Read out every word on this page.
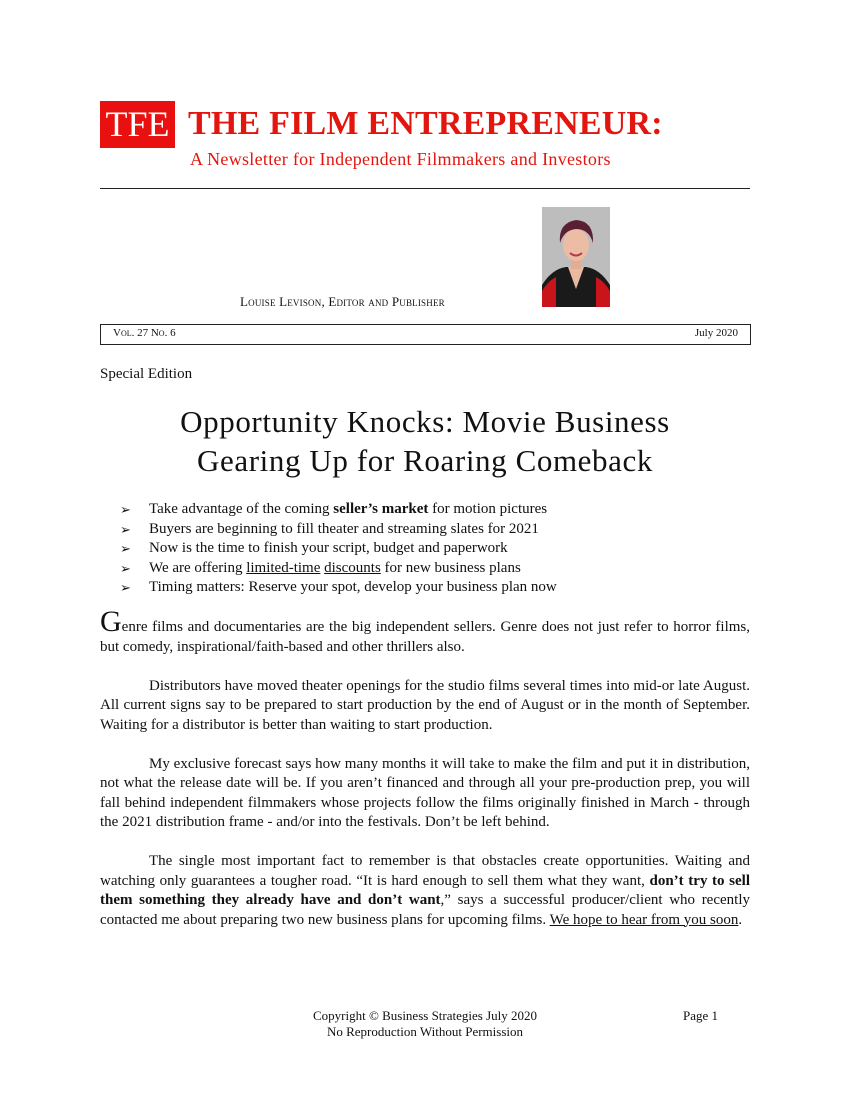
TFE THE FILM ENTREPRENEUR:
A Newsletter for Independent Filmmakers and Investors
Louise Levison, Editor and Publisher
Vol. 27 No. 6	July 2020
Special Edition
Opportunity Knocks: Movie Business
Gearing Up for Roaring Comeback
➢ Take advantage of the coming seller’s market for motion pictures
➢ Buyers are beginning to fill theater and streaming slates for 2021
➢ Now is the time to finish your script, budget and paperwork
➢ We are offering limited-time discounts for new business plans
➢ Timing matters: Reserve your spot, develop your business plan now

Genre films and documentaries are the big independent sellers. Genre does not just refer to horror films, but comedy, inspirational/faith-based and other thrillers also.

Distributors have moved theater openings for the studio films several times into mid-or late August. All current signs say to be prepared to start production by the end of August or in the month of September. Waiting for a distributor is better than waiting to start production.

My exclusive forecast says how many months it will take to make the film and put it in distribution, not what the release date will be. If you aren’t financed and through all your pre-production prep, you will fall behind independent filmmakers whose projects follow the films originally finished in March - through the 2021 distribution frame - and/or into the festivals. Don’t be left behind.

The single most important fact to remember is that obstacles create opportunities. Waiting and watching only guarantees a tougher road. “It is hard enough to sell them what they want, don’t try to sell them something they already have and don’t want,” says a successful producer/client who recently contacted me about preparing two new business plans for upcoming films. We hope to hear from you soon.

Copyright © Business Strategies July 2020
No Reproduction Without Permission
Page 1
